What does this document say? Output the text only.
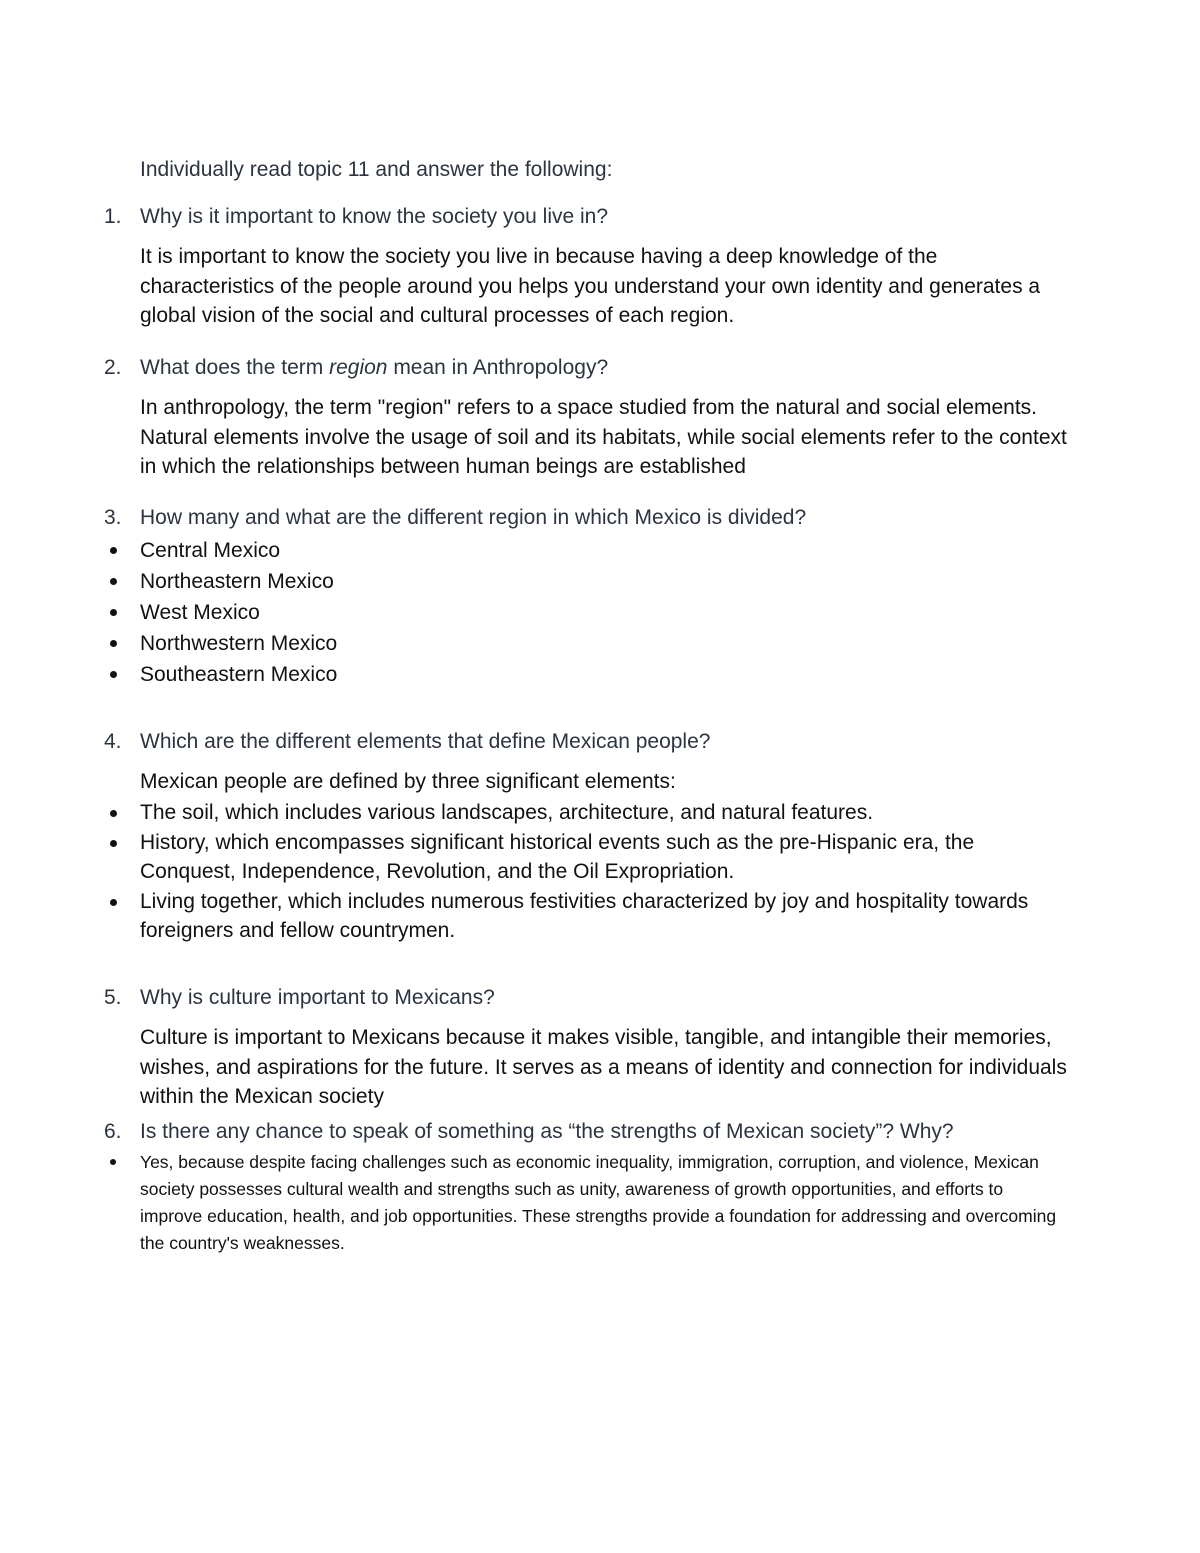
Individually read topic 11 and answer the following:

1. Why is it important to know the society you live in?

It is important to know the society you live in because having a deep knowledge of the characteristics of the people around you helps you understand your own identity and generates a global vision of the social and cultural processes of each region.

2. What does the term region mean in Anthropology?

In anthropology, the term "region" refers to a space studied from the natural and social elements. Natural elements involve the usage of soil and its habitats, while social elements refer to the context in which the relationships between human beings are established

3. How many and what are the different region in which Mexico is divided?

Central Mexico
Northeastern Mexico
West Mexico
Northwestern Mexico
Southeastern Mexico

4. Which are the different elements that define Mexican people?

Mexican people are defined by three significant elements:

The soil, which includes various landscapes, architecture, and natural features.
History, which encompasses significant historical events such as the pre-Hispanic era, the Conquest, Independence, Revolution, and the Oil Expropriation.
Living together, which includes numerous festivities characterized by joy and hospitality towards foreigners and fellow countrymen.

5. Why is culture important to Mexicans?

Culture is important to Mexicans because it makes visible, tangible, and intangible their memories, wishes, and aspirations for the future. It serves as a means of identity and connection for individuals within the Mexican society

6. Is there any chance to speak of something as “the strengths of Mexican society”? Why?

Yes, because despite facing challenges such as economic inequality, immigration, corruption, and violence, Mexican society possesses cultural wealth and strengths such as unity, awareness of growth opportunities, and efforts to improve education, health, and job opportunities. These strengths provide a foundation for addressing and overcoming the country's weaknesses.
